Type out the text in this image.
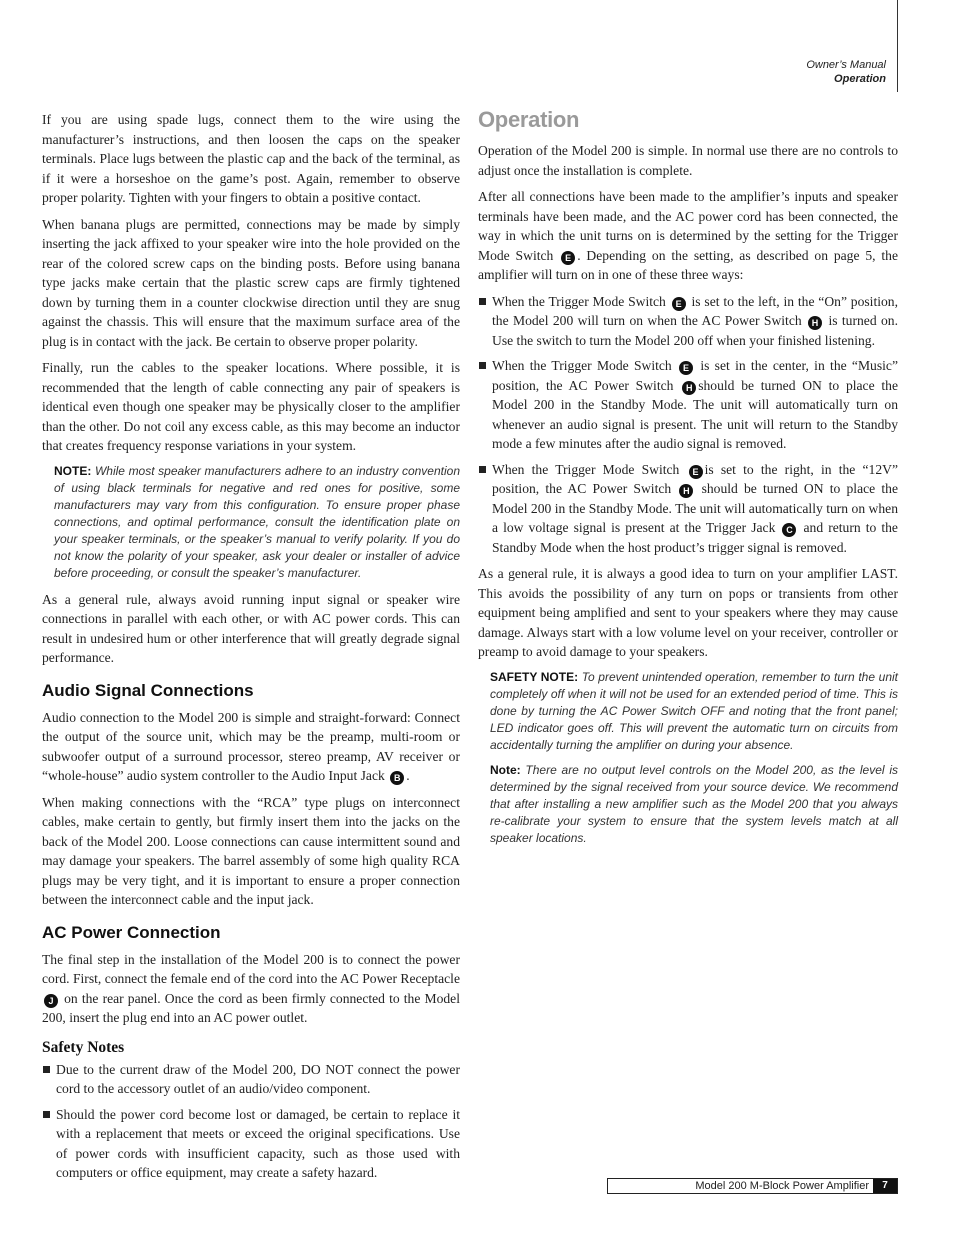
Owner’s Manual
Operation

If you are using spade lugs, connect them to the wire using the manufacturer’s instructions, and then loosen the caps on the speaker terminals. Place lugs between the plastic cap and the back of the terminal, as if it were a horseshoe on the game’s post. Again, remember to observe proper polarity. Tighten with your fingers to obtain a positive contact.

When banana plugs are permitted, connections may be made by simply inserting the jack affixed to your speaker wire into the hole provided on the rear of the colored screw caps on the binding posts. Before using banana type jacks make certain that the plastic screw caps are firmly tightened down by turning them in a counter clockwise direction until they are snug against the chassis. This will ensure that the maximum surface area of the plug is in contact with the jack. Be certain to observe proper polarity.

Finally, run the cables to the speaker locations. Where possible, it is recommended that the length of cable connecting any pair of speakers is identical even though one speaker may be physically closer to the amplifier than the other. Do not coil any excess cable, as this may become an inductor that creates frequency response variations in your system.

NOTE: While most speaker manufacturers adhere to an industry convention of using black terminals for negative and red ones for positive, some manufacturers may vary from this configuration. To ensure proper phase connections, and optimal performance, consult the identification plate on your speaker terminals, or the speaker’s manual to verify polarity. If you do not know the polarity of your speaker, ask your dealer or installer of advice before proceeding, or consult the speaker’s manufacturer.

As a general rule, always avoid running input signal or speaker wire connections in parallel with each other, or with AC power cords. This can result in undesired hum or other interference that will greatly degrade signal performance.

Audio Signal Connections

Audio connection to the Model 200 is simple and straight-forward: Connect the output of the source unit, which may be the preamp, multi-room or subwoofer output of a surround processor, stereo preamp, AV receiver or “whole-house” audio system controller to the Audio Input Jack B .

When making connections with the “RCA” type plugs on interconnect cables, make certain to gently, but firmly insert them into the jacks on the back of the Model 200. Loose connections can cause intermittent sound and may damage your speakers. The barrel assembly of some high quality RCA plugs may be very tight, and it is important to ensure a proper connection between the interconnect cable and the input jack.

AC Power Connection

The final step in the installation of the Model 200 is to connect the power cord. First, connect the female end of the cord into the AC Power Receptacle J on the rear panel. Once the cord as been firmly connected to the Model 200, insert the plug end into an AC power outlet.

Safety Notes
Due to the current draw of the Model 200, DO NOT connect the power cord to the accessory outlet of an audio/video component.
Should the power cord become lost or damaged, be certain to replace it with a replacement that meets or exceed the original specifications. Use of power cords with insufficient capacity, such as those used with computers or office equipment, may create a safety hazard.
Operation

Operation of the Model 200 is simple. In normal use there are no controls to adjust once the installation is complete.

After all connections have been made to the amplifier’s inputs and speaker terminals have been made, and the AC power cord has been connected, the way in which the unit turns on is determined by the setting for the Trigger Mode Switch E . Depending on the setting, as described on page 5, the amplifier will turn on in one of these three ways:

When the Trigger Mode Switch E is set to the left, in the “On” position, the Model 200 will turn on when the AC Power Switch H is turned on. Use the switch to turn the Model 200 off when your finished listening.
When the Trigger Mode Switch E is set in the center, in the “Music” position, the AC Power Switch H should be turned ON to place the Model 200 in the Standby Mode. The unit will automatically turn on whenever an audio signal is present. The unit will return to the Standby mode a few minutes after the audio signal is removed.
When the Trigger Mode Switch E is set to the right, in the “12V” position, the AC Power Switch H should be turned ON to place the Model 200 in the Standby Mode. The unit will automatically turn on when a low voltage signal is present at the Trigger Jack C and return to the Standby Mode when the host product’s trigger signal is removed.

As a general rule, it is always a good idea to turn on your amplifier LAST. This avoids the possibility of any turn on pops or transients from other equipment being amplified and sent to your speakers where they may cause damage. Always start with a low volume level on your receiver, controller or preamp to avoid damage to your speakers.

SAFETY NOTE: To prevent unintended operation, remember to turn the unit completely off when it will not be used for an extended period of time. This is done by turning the AC Power Switch OFF and noting that the front panel; LED indicator goes off. This will prevent the automatic turn on circuits from accidentally turning the amplifier on during your absence.
Note: There are no output level controls on the Model 200, as the level is determined by the signal received from your source device. We recommend that after installing a new amplifier such as the Model 200 that you always re-calibrate your system to ensure that the system levels match at all speaker locations.
Model 200 M-Block Power Amplifier	7
